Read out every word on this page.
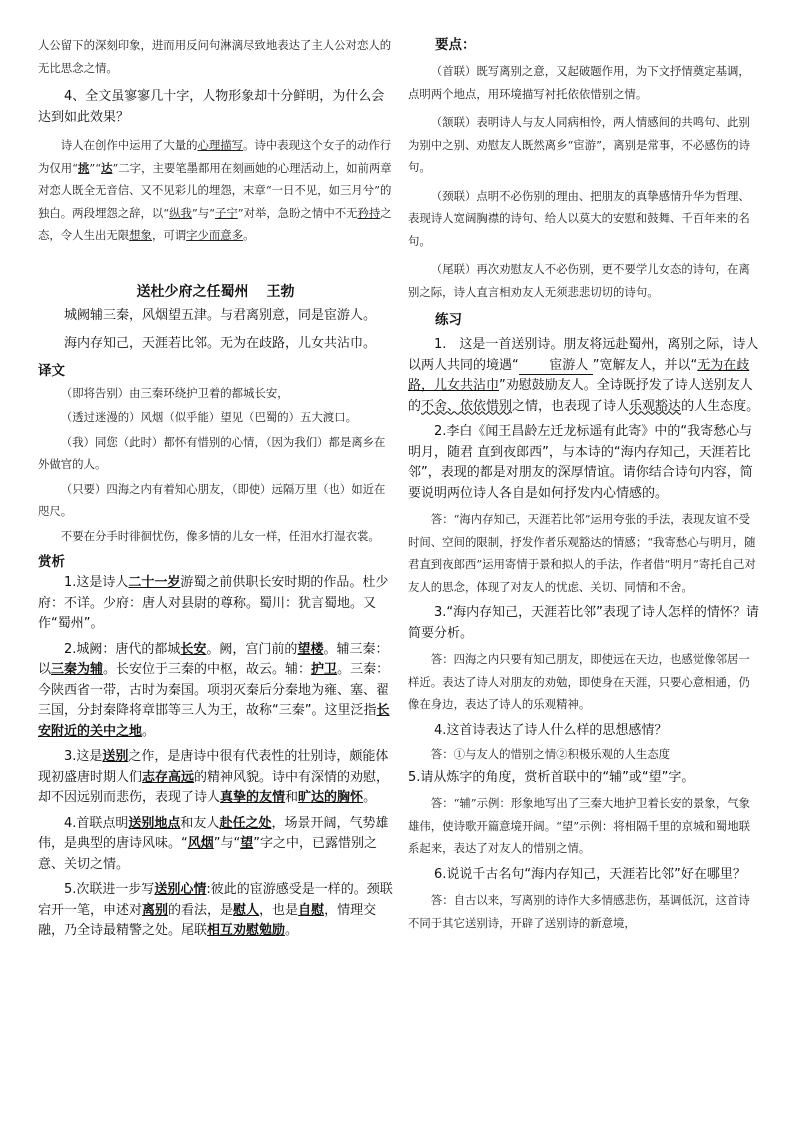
人公留下的深刻印象，进而用反问句淋漓尽致地表达了主人公对恋人的无比思念之情。

4、全文虽寥寥几十字，人物形象却十分鲜明，为什么会达到如此效果？

诗人在创作中运用了大量的心理描写。诗中表现这个女子的动作行为仅用“挑”“达”二字，主要笔墨都用在刻画她的心理活动上，如前两章对恋人既全无音信、又不见彩儿的埋怨，末章“一日不见，如三月兮”的独白。两段埋怨之辞，以“纵我”与“子宁”对举，急盼之情中不无矜持之态，令人生出无限想象，可谓字少而意多。

送杜少府之任蜀州 王勃

城阙辅三秦，风烟望五津。与君离别意，同是宦游人。

海内存知己，天涯若比邻。无为在歧路，儿女共沾巾。

译文

（即将告别）由三秦环绕护卫着的都城长安，

（透过迷漫的）风烟（似乎能）望见（巴蜀的）五大渡口。

（我）同您（此时）都怀有惜别的心情，（因为我们）都是离乡在外做官的人。

（只要）四海之内有着知心朋友，（即使）远隔万里（也）如近在咫尺。

不要在分手时徘徊忧伤，像多情的儿女一样，任泪水打湿衣裳。

赏析

1.这是诗人二十一岁游蜀之前供职长安时期的作品。杜少府：不详。少府：唐人对县尉的尊称。蜀川：犹言蜀地。又作“蜀州”。

2.城阙：唐代的都城长安。阙，宫门前的望楼。辅三秦：以三秦为辅。长安位于三秦的中枢，故云。辅：护卫。三秦：今陕西省一带，古时为秦国。项羽灭秦后分秦地为雍、塞、翟三国，分封秦降将章邯等三人为王，故称“三秦”。这里泛指长安附近的关中之地。

3.这是送别之作，是唐诗中很有代表性的壮别诗，颇能体现初盛唐时期人们志存高远的精神风貌。诗中有深情的劝慰，却不因远别而悲伤，表现了诗人真挚的友情和旷达的胸怀。

4.首联点明送别地点和友人赴任之处，场景开阔，气势雄伟，是典型的唐诗风味。“风烟”与“望”字之中，已露惜别之意、关切之情。

5.次联进一步写送别心情:彼此的宦游感受是一样的。颈联宕开一笔，申述对离别的看法，是慰人，也是自慰，情理交融，乃全诗最精警之处。尾联相互劝慰勉励。

要点：

（首联）既写离别之意，又起破题作用，为下文抒情奠定基调，点明两个地点，用环境描写衬托依依惜别之情。

（颔联）表明诗人与友人同病相怜，两人情感间的共鸣句、此别为别中之别、劝慰友人既然离乡“宦游”，离别是常事，不必感伤的诗句。

（颈联）点明不必伤别的理由、把朋友的真挚感情升华为哲理、表现诗人宽阔胸襟的诗句、给人以莫大的安慰和鼓舞、千百年来的名句。

（尾联）再次劝慰友人不必伤别，更不要学儿女态的诗句，在离别之际，诗人直言相劝友人无须悲悲切切的诗句。

练习

1.　这是一首送别诗。朋友将远赴蜀州，离别之际，诗人以两人共同的境遇“ 宦游人 ”宽解友人，并以“无为在歧路，儿女共沾巾”劝慰鼓励友人。全诗既抒发了诗人送别友人的不舍、依依惜别之情，也表现了诗人乐观豁达的人生态度。

2.李白《闻王昌龄左迁龙标遥有此寄》中的“我寄愁心与明月，随君 直到夜郎西”，与本诗的“海内存知己，天涯若比邻”，表现的都是对朋友的深厚情谊。请你结合诗句内容，简要说明两位诗人各自是如何抒发内心情感的。

答：“海内存知己，天涯若比邻”运用夸张的手法，表现友谊不受时间、空间的限制，抒发作者乐观豁达的情感；“我寄愁心与明月，随君直到夜郎西”运用寄情于景和拟人的手法，作者借“明月”寄托自己对友人的思念，体现了对友人的忧虑、关切、同情和不舍。

3.“海内存知己，天涯若比邻”表现了诗人怎样的情怀？请简要分析。

答：四海之内只要有知己朋友，即使远在天边，也感觉像邻居一样近。表达了诗人对朋友的劝勉，即使身在天涯，只要心意相通，仍像在身边，表达了诗人的乐观精神。

4.这首诗表达了诗人什么样的思想感情？

答：①与友人的惜别之情②积极乐观的人生态度

5.请从炼字的角度，赏析首联中的“辅”或“望”字。

答：“辅”示例：形象地写出了三秦大地护卫着长安的景象，气象雄伟，使诗歌开篇意境开阔。“望”示例：将相隔千里的京城和蜀地联系起来，表达了对友人的惜别之情。

6.说说千古名句“海内存知己，天涯若比邻”好在哪里？

答：自古以来，写离别的诗作大多情感悲伤，基调低沉，这首诗不同于其它送别诗，开辟了送别诗的新意境，
